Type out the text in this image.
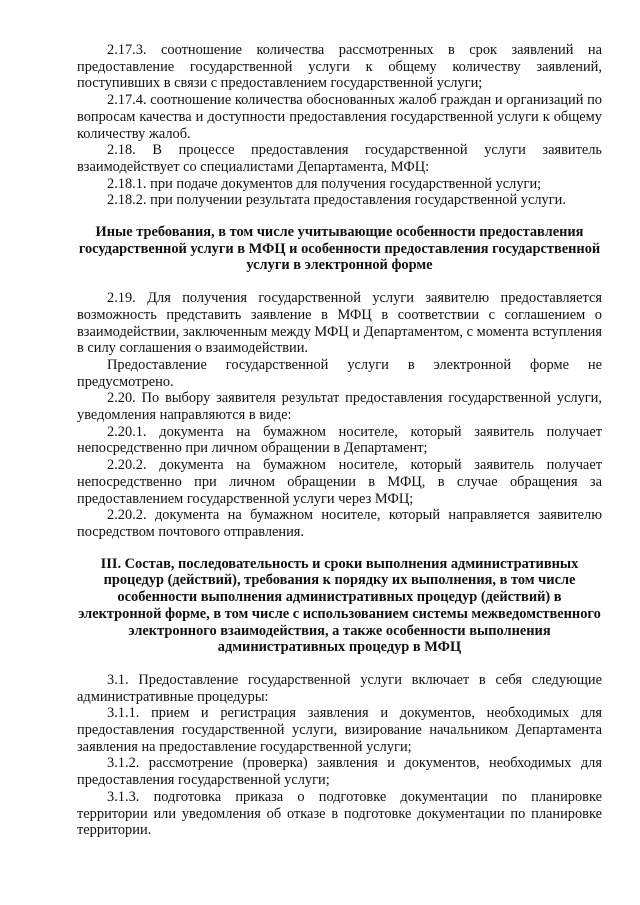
2.17.3. соотношение количества рассмотренных в срок заявлений на предоставление государственной услуги к общему количеству заявлений, поступивших в связи с предоставлением государственной услуги;

2.17.4. соотношение количества обоснованных жалоб граждан и организаций по вопросам качества и доступности предоставления государственной услуги к общему количеству жалоб.

2.18. В процессе предоставления государственной услуги заявитель взаимодействует со специалистами Департамента, МФЦ:

2.18.1. при подаче документов для получения государственной услуги;

2.18.2. при получении результата предоставления государственной услуги.

Иные требования, в том числе учитывающие особенности предоставления государственной услуги в МФЦ и особенности предоставления государственной услуги в электронной форме

2.19. Для получения государственной услуги заявителю предоставляется возможность представить заявление в МФЦ в соответствии с соглашением о взаимодействии, заключенным между МФЦ и Департаментом, с момента вступления в силу соглашения о взаимодействии.

Предоставление государственной услуги в электронной форме не предусмотрено.

2.20. По выбору заявителя результат предоставления государственной услуги, уведомления направляются в виде:

2.20.1. документа на бумажном носителе, который заявитель получает непосредственно при личном обращении в Департамент;

2.20.2. документа на бумажном носителе, который заявитель получает непосредственно при личном обращении в МФЦ, в случае обращения за предоставлением государственной услуги через МФЦ;

2.20.2. документа на бумажном носителе, который направляется заявителю посредством почтового отправления.

III. Состав, последовательность и сроки выполнения административных процедур (действий), требования к порядку их выполнения, в том числе особенности выполнения административных процедур (действий) в электронной форме, в том числе с использованием системы межведомственного электронного взаимодействия, а также особенности выполнения административных процедур в МФЦ

3.1. Предоставление государственной услуги включает в себя следующие административные процедуры:

3.1.1. прием и регистрация заявления и документов, необходимых для предоставления государственной услуги, визирование начальником Департамента заявления на предоставление государственной услуги;

3.1.2. рассмотрение (проверка) заявления и документов, необходимых для предоставления государственной услуги;

3.1.3. подготовка приказа о подготовке документации по планировке территории или уведомления об отказе в подготовке документации по планировке территории.
